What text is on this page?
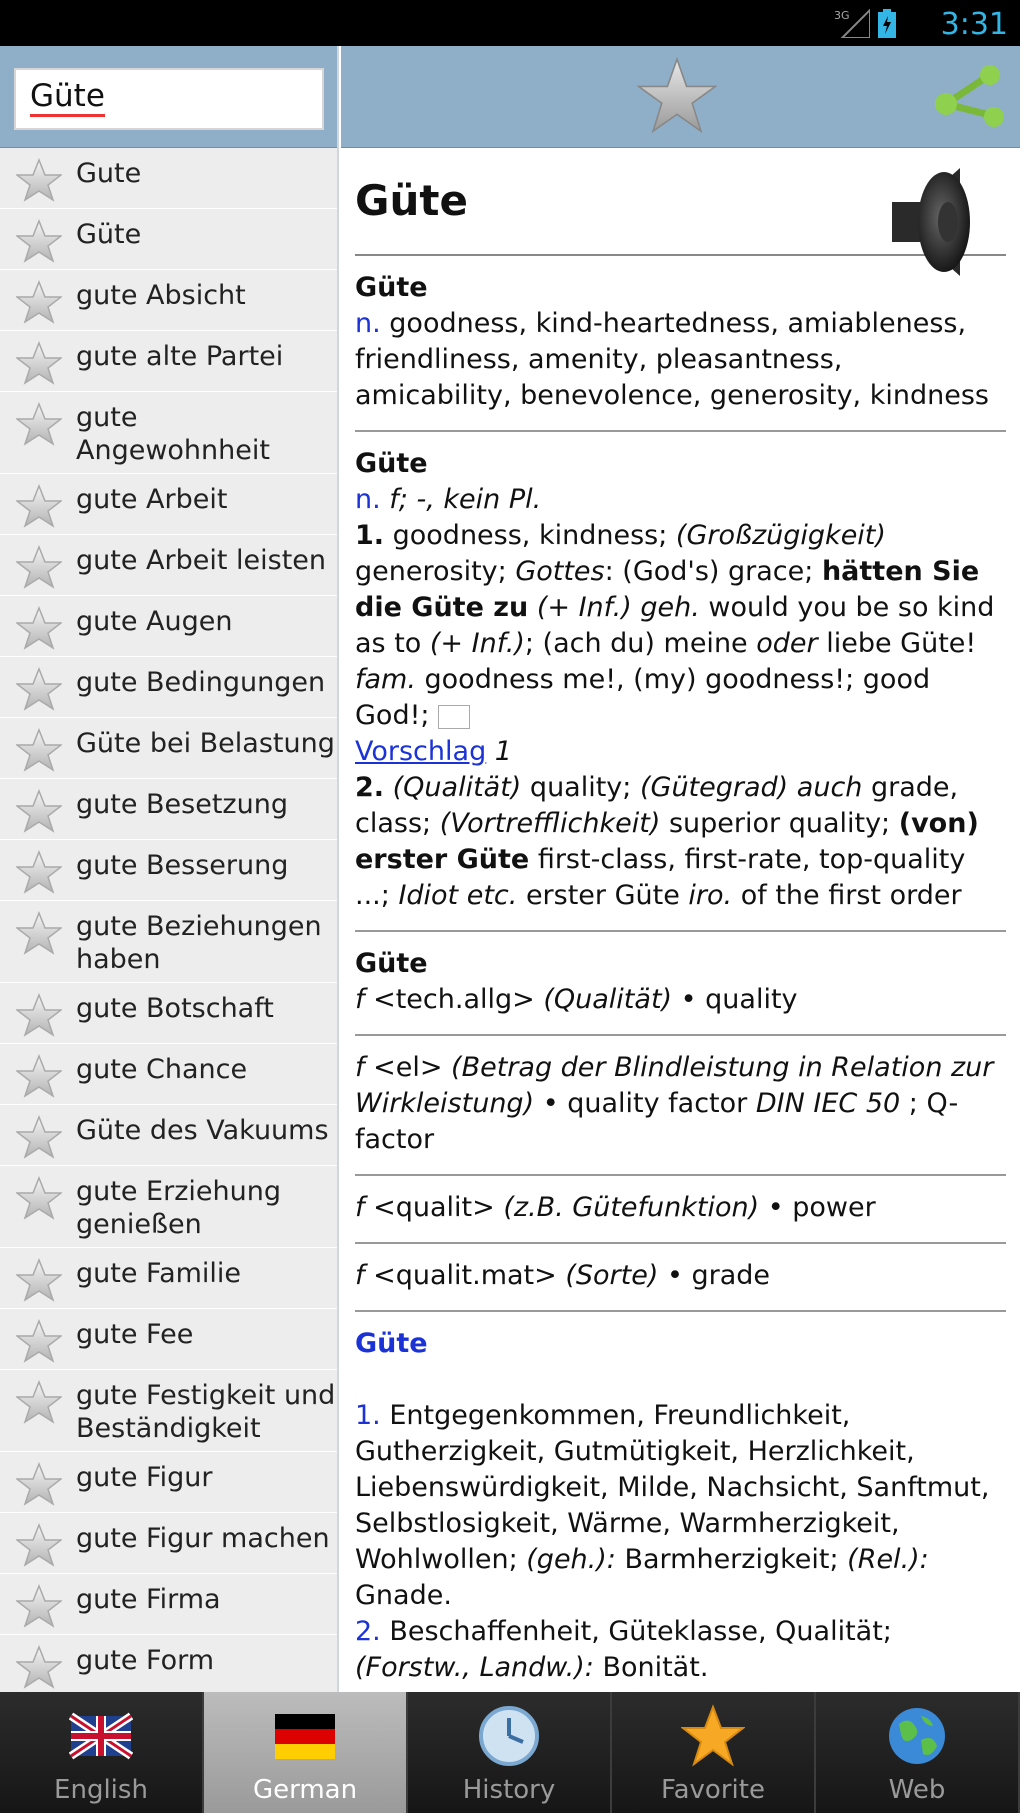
3G	3:31
Güte
Gute
Güte
gute Absicht
gute alte Partei
gute Angewohnheit
gute Arbeit
gute Arbeit leisten
gute Augen
gute Bedingungen
Güte bei Belastung
gute Besetzung
gute Besserung
gute Beziehungen haben
gute Botschaft
gute Chance
Güte des Vakuums
gute Erziehung genießen
gute Familie
gute Fee
gute Festigkeit und Beständigkeit
gute Figur
gute Figur machen
gute Firma
gute Form
Güte
Güte
n. goodness, kind-heartedness, amiableness, friendliness, amenity, pleasantness, amicability, benevolence, generosity, kindness
Güte
n. f; -, kein Pl.
1. goodness, kindness; (Großzügigkeit) generosity; Gottes: (God's) grace; hätten Sie die Güte zu (+ Inf.) geh. would you be so kind as to (+ Inf.); (ach du) meine oder liebe Güte! fam. goodness me!, (my) goodness!; good God!;
Vorschlag 1
2. (Qualität) quality; (Gütegrad) auch grade, class; (Vortrefflichkeit) superior quality; (von) erster Güte first-class, first-rate, top-quality ...; Idiot etc. erster Güte iro. of the first order
Güte
f <tech.allg> (Qualität) • quality
f <el> (Betrag der Blindleistung in Relation zur Wirkleistung) • quality factor DIN IEC 50 ; Q-factor
f <qualit> (z.B. Gütefunktion) • power
f <qualit.mat> (Sorte) • grade
Güte
1. Entgegenkommen, Freundlichkeit, Gutherzigkeit, Gutmütigkeit, Herzlichkeit, Liebenswürdigkeit, Milde, Nachsicht, Sanftmut, Selbstlosigkeit, Wärme, Warmherzigkeit, Wohlwollen; (geh.): Barmherzigkeit; (Rel.): Gnade.
2. Beschaffenheit, Güteklasse, Qualität; (Forstw., Landw.): Bonität.
English	German	History	Favorite	Web
